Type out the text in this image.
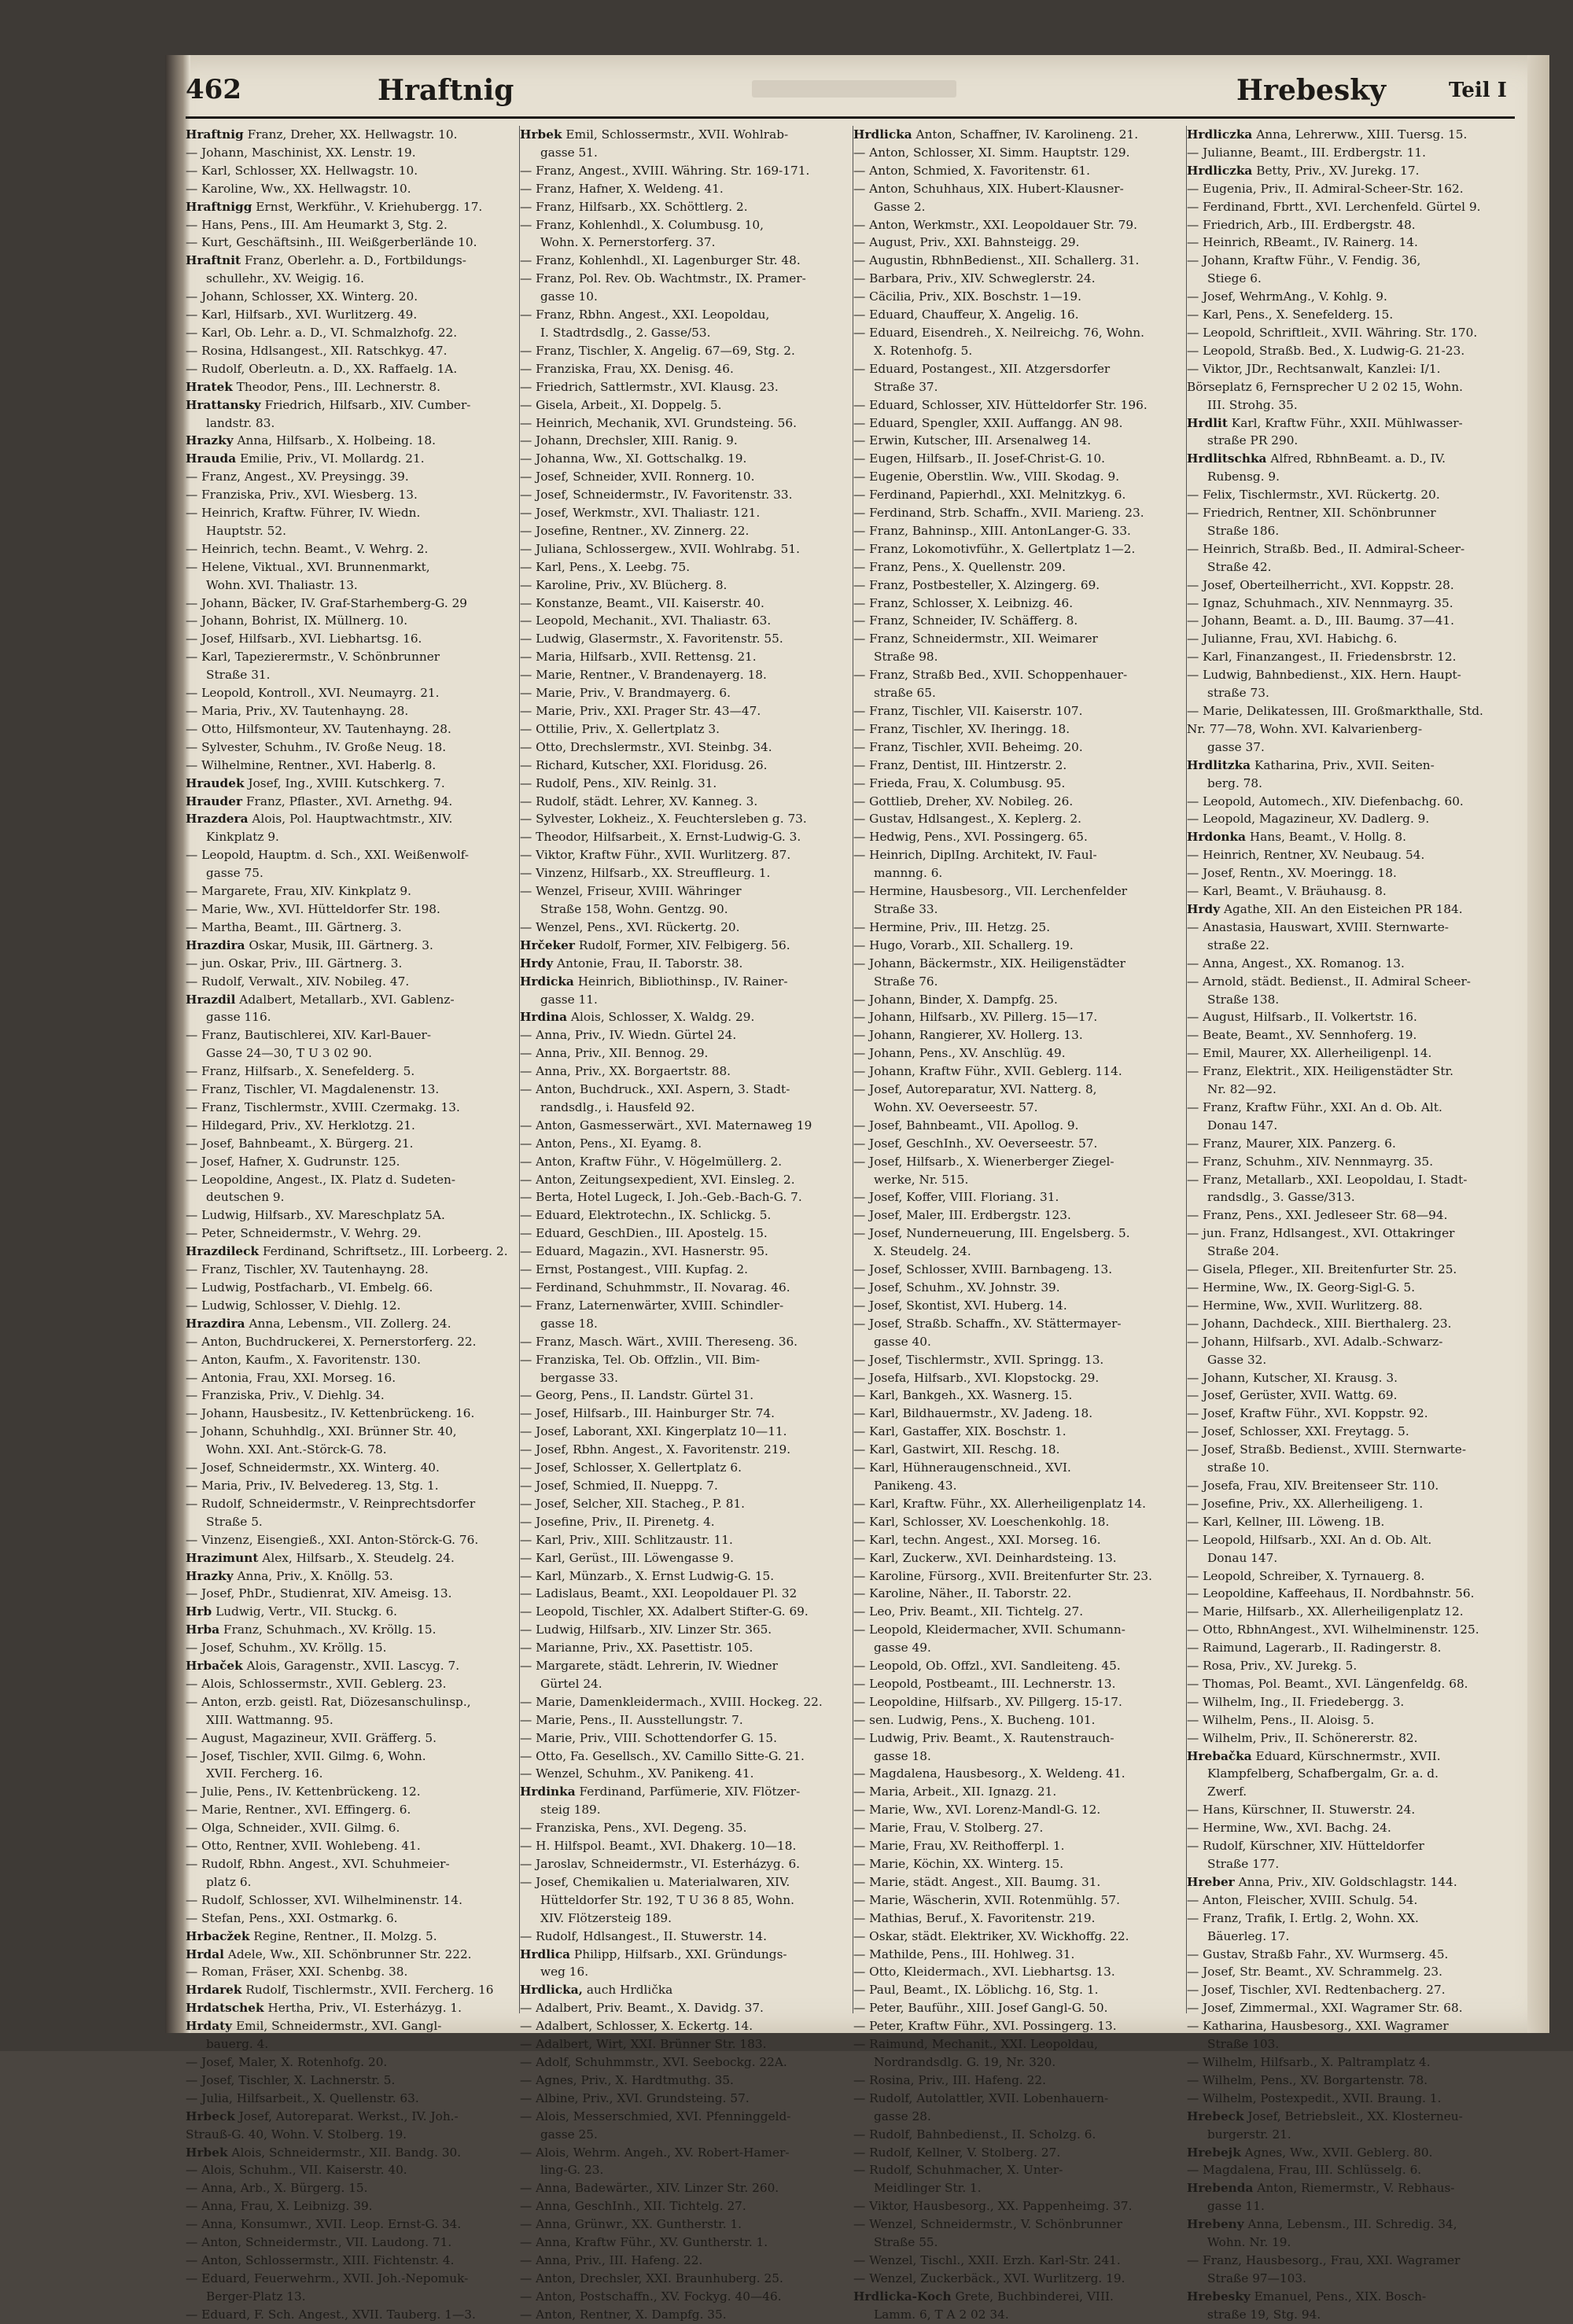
462	Hraftnig	Hrebesky	Teil I

Hraftnig Franz, Dreher, XX. Hellwagstr. 10.

— Johann, Maschinist, XX. Lenstr. 19.

— Karl, Schlosser, XX. Hellwagstr. 10.

— Karoline, Ww., XX. Hellwagstr. 10.

Hraftnigg Ernst, Werkführ., V. Kriehubergg. 17.

— Hans, Pens., III. Am Heumarkt 3, Stg. 2.

— Kurt, Geschäftsinh., III. Weißgerberlände 10.

Hraftnit Franz, Oberlehr. a. D., Fortbildungs-

schullehr., XV. Weigig. 16.

— Johann, Schlosser, XX. Winterg. 20.

— Karl, Hilfsarb., XVI. Wurlitzerg. 49.

— Karl, Ob. Lehr. a. D., VI. Schmalzhofg. 22.

— Rosina, Hdlsangest., XII. Ratschkyg. 47.

— Rudolf, Oberleutn. a. D., XX. Raffaelg. 1A.

Hratek Theodor, Pens., III. Lechnerstr. 8.

Hrattansky Friedrich, Hilfsarb., XIV. Cumber-

landstr. 83.

Hrazky Anna, Hilfsarb., X. Holbeing. 18.

Hrauda Emilie, Priv., VI. Mollardg. 21.

— Franz, Angest., XV. Preysingg. 39.

— Franziska, Priv., XVI. Wiesberg. 13.

— Heinrich, Kraftw. Führer, IV. Wiedn.

Hauptstr. 52.

— Heinrich, techn. Beamt., V. Wehrg. 2.

— Helene, Viktual., XVI. Brunnenmarkt,

Wohn. XVI. Thaliastr. 13.

— Johann, Bäcker, IV. Graf-Starhemberg-G. 29

— Johann, Bohrist, IX. Müllnerg. 10.

— Josef, Hilfsarb., XVI. Liebhartsg. 16.

— Karl, Tapezierermstr., V. Schönbrunner

Straße 31.

— Leopold, Kontroll., XVI. Neumayrg. 21.

— Maria, Priv., XV. Tautenhayng. 28.

— Otto, Hilfsmonteur, XV. Tautenhayng. 28.

— Sylvester, Schuhm., IV. Große Neug. 18.

— Wilhelmine, Rentner., XVI. Haberlg. 8.

Hraudek Josef, Ing., XVIII. Kutschkerg. 7.

Hrauder Franz, Pflaster., XVI. Arnethg. 94.

Hrazdera Alois, Pol. Hauptwachtmstr., XIV.

Kinkplatz 9.

— Leopold, Hauptm. d. Sch., XXI. Weißenwolf-

gasse 75.

— Margarete, Frau, XIV. Kinkplatz 9.

— Marie, Ww., XVI. Hütteldorfer Str. 198.

— Martha, Beamt., III. Gärtnerg. 3.

Hrazdira Oskar, Musik, III. Gärtnerg. 3.

— jun. Oskar, Priv., III. Gärtnerg. 3.

— Rudolf, Verwalt., XIV. Nobileg. 47.

Hrazdil Adalbert, Metallarb., XVI. Gablenz-

gasse 116.

— Franz, Bautischlerei, XIV. Karl-Bauer-

Gasse 24—30, T U 3 02 90.

— Franz, Hilfsarb., X. Senefelderg. 5.

— Franz, Tischler, VI. Magdalenenstr. 13.

— Franz, Tischlermstr., XVIII. Czermakg. 13.

— Hildegard, Priv., XV. Herklotzg. 21.

— Josef, Bahnbeamt., X. Bürgerg. 21.

— Josef, Hafner, X. Gudrunstr. 125.

— Leopoldine, Angest., IX. Platz d. Sudeten-

deutschen 9.

— Ludwig, Hilfsarb., XV. Mareschplatz 5A.

— Peter, Schneidermstr., V. Wehrg. 29.

Hrazdileck Ferdinand, Schriftsetz., III. Lorbeerg. 2.

— Franz, Tischler, XV. Tautenhayng. 28.

— Ludwig, Postfacharb., VI. Embelg. 66.

— Ludwig, Schlosser, V. Diehlg. 12.

Hrazdira Anna, Lebensm., VII. Zollerg. 24.

— Anton, Buchdruckerei, X. Pernerstorferg. 22.

— Anton, Kaufm., X. Favoritenstr. 130.

— Antonia, Frau, XXI. Morseg. 16.

— Franziska, Priv., V. Diehlg. 34.

— Johann, Hausbesitz., IV. Kettenbrückeng. 16.

— Johann, Schuhhdlg., XXI. Brünner Str. 40,

Wohn. XXI. Ant.-Störck-G. 78.

— Josef, Schneidermstr., XX. Winterg. 40.

— Maria, Priv., IV. Belvedereg. 13, Stg. 1.

— Rudolf, Schneidermstr., V. Reinprechtsdorfer

Straße 5.

— Vinzenz, Eisengieß., XXI. Anton-Störck-G. 76.

Hrazimunt Alex, Hilfsarb., X. Steudelg. 24.

Hrazky Anna, Priv., X. Knöllg. 53.

— Josef, PhDr., Studienrat, XIV. Ameisg. 13.

Hrb Ludwig, Vertr., VII. Stuckg. 6.

Hrba Franz, Schuhmach., XV. Kröllg. 15.

— Josef, Schuhm., XV. Kröllg. 15.

Hrbaček Alois, Garagenstr., XVII. Lascyg. 7.

— Alois, Schlossermstr., XVII. Geblerg. 23.

— Anton, erzb. geistl. Rat, Diözesanschulinsp.,

XIII. Wattmanng. 95.

— August, Magazineur, XVII. Gräfferg. 5.

— Josef, Tischler, XVII. Gilmg. 6, Wohn.

XVII. Fercherg. 16.

— Julie, Pens., IV. Kettenbrückeng. 12.

— Marie, Rentner., XVI. Effingerg. 6.

— Olga, Schneider., XVII. Gilmg. 6.

— Otto, Rentner, XVII. Wohlebeng. 41.

— Rudolf, Rbhn. Angest., XVI. Schuhmeier-

platz 6.

— Rudolf, Schlosser, XVI. Wilhelminenstr. 14.

— Stefan, Pens., XXI. Ostmarkg. 6.

Hrbacžek Regine, Rentner., II. Molzg. 5.

Hrdal Adele, Ww., XII. Schönbrunner Str. 222.

— Roman, Fräser, XXI. Schenbg. 38.

Hrdarek Rudolf, Tischlermstr., XVII. Fercherg. 16

Hrdatschek Hertha, Priv., VI. Esterházyg. 1.

Hrdaty Emil, Schneidermstr., XVI. Gangl-

bauerg. 4.

— Josef, Maler, X. Rotenhofg. 20.

— Josef, Tischler, X. Lachnerstr. 5.

— Julia, Hilfsarbeit., X. Quellenstr. 63.

Hrbeck Josef, Autoreparat. Werkst., IV. Joh.-

Strauß-G. 40, Wohn. V. Stolberg. 19.

Hrbek Alois, Schneidermstr., XII. Bandg. 30.

— Alois, Schuhm., VII. Kaiserstr. 40.

— Anna, Arb., X. Bürgerg. 15.

— Anna, Frau, X. Leibnizg. 39.

— Anna, Konsumwr., XVII. Leop. Ernst-G. 34.

— Anton, Schneidermstr., VII. Laudong. 71.

— Anton, Schlossermstr., XIII. Fichtenstr. 4.

— Eduard, Feuerwehrm., XVII. Joh.-Nepomuk-

Berger-Platz 13.

— Eduard, F. Sch. Angest., XVII. Tauberg. 1—3.

Hrbek Emil, Schlossermstr., XVII. Wohlrab-

gasse 51.

— Franz, Angest., XVIII. Währing. Str. 169-171.

— Franz, Hafner, X. Weldeng. 41.

— Franz, Hilfsarb., XX. Schöttlerg. 2.

— Franz, Kohlenhdl., X. Columbusg. 10,

Wohn. X. Pernerstorferg. 37.

— Franz, Kohlenhdl., XI. Lagenburger Str. 48.

— Franz, Pol. Rev. Ob. Wachtmstr., IX. Pramer-

gasse 10.

— Franz, Rbhn. Angest., XXI. Leopoldau,

I. Stadtrdsdlg., 2. Gasse/53.

— Franz, Tischler, X. Angelig. 67—69, Stg. 2.

— Franziska, Frau, XX. Denisg. 46.

— Friedrich, Sattlermstr., XVI. Klausg. 23.

— Gisela, Arbeit., XI. Doppelg. 5.

— Heinrich, Mechanik, XVI. Grundsteing. 56.

— Johann, Drechsler, XIII. Ranig. 9.

— Johanna, Ww., XI. Gottschalkg. 19.

— Josef, Schneider, XVII. Ronnerg. 10.

— Josef, Schneidermstr., IV. Favoritenstr. 33.

— Josef, Werkmstr., XVI. Thaliastr. 121.

— Josefine, Rentner., XV. Zinnerg. 22.

— Juliana, Schlossergew., XVII. Wohlrabg. 51.

— Karl, Pens., X. Leebg. 75.

— Karoline, Priv., XV. Blücherg. 8.

— Konstanze, Beamt., VII. Kaiserstr. 40.

— Leopold, Mechanit., XVI. Thaliastr. 63.

— Ludwig, Glasermstr., X. Favoritenstr. 55.

— Maria, Hilfsarb., XVII. Rettensg. 21.

— Marie, Rentner., V. Brandenayerg. 18.

— Marie, Priv., V. Brandmayerg. 6.

— Marie, Priv., XXI. Prager Str. 43—47.

— Ottilie, Priv., X. Gellertplatz 3.

— Otto, Drechslermstr., XVI. Steinbg. 34.

— Richard, Kutscher, XXI. Floridusg. 26.

— Rudolf, Pens., XIV. Reinlg. 31.

— Rudolf, städt. Lehrer, XV. Kanneg. 3.

— Sylvester, Lokheiz., X. Feuchtersleben g. 73.

— Theodor, Hilfsarbeit., X. Ernst-Ludwig-G. 3.

— Viktor, Kraftw Führ., XVII. Wurlitzerg. 87.

— Vinzenz, Hilfsarb., XX. Streuffleurg. 1.

— Wenzel, Friseur, XVIII. Währinger

Straße 158, Wohn. Gentzg. 90.

— Wenzel, Pens., XVI. Rückertg. 20.

Hrčeker Rudolf, Former, XIV. Felbigerg. 56.

Hrdy Antonie, Frau, II. Taborstr. 38.

Hrdicka Heinrich, Bibliothinsp., IV. Rainer-

gasse 11.

Hrdina Alois, Schlosser, X. Waldg. 29.

— Anna, Priv., IV. Wiedn. Gürtel 24.

— Anna, Priv., XII. Bennog. 29.

— Anna, Priv., XX. Borgaertstr. 88.

— Anton, Buchdruck., XXI. Aspern, 3. Stadt-

randsdlg., i. Hausfeld 92.

— Anton, Gasmesserwärt., XVI. Maternaweg 19

— Anton, Pens., XI. Eyamg. 8.

— Anton, Kraftw Führ., V. Högelmüllerg. 2.

— Anton, Zeitungsexpedient, XVI. Einsleg. 2.

— Berta, Hotel Lugeck, I. Joh.-Geb.-Bach-G. 7.

— Eduard, Elektrotechn., IX. Schlickg. 5.

— Eduard, GeschDien., III. Apostelg. 15.

— Eduard, Magazin., XVI. Hasnerstr. 95.

— Ernst, Postangest., VIII. Kupfag. 2.

— Ferdinand, Schuhmmstr., II. Novarag. 46.

— Franz, Laternenwärter, XVIII. Schindler-

gasse 18.

— Franz, Masch. Wärt., XVIII. Thereseng. 36.

— Franziska, Tel. Ob. Offzlin., VII. Bim-

bergasse 33.

— Georg, Pens., II. Landstr. Gürtel 31.

— Josef, Hilfsarb., III. Hainburger Str. 74.

— Josef, Laborant, XXI. Kingerplatz 10—11.

— Josef, Rbhn. Angest., X. Favoritenstr. 219.

— Josef, Schlosser, X. Gellertplatz 6.

— Josef, Schmied, II. Nueppg. 7.

— Josef, Selcher, XII. Stacheg., P. 81.

— Josefine, Priv., II. Pirenetg. 4.

— Karl, Priv., XIII. Schlitzaustr. 11.

— Karl, Gerüst., III. Löwengasse 9.

— Karl, Münzarb., X. Ernst Ludwig-G. 15.

— Ladislaus, Beamt., XXI. Leopoldauer Pl. 32

— Leopold, Tischler, XX. Adalbert Stifter-G. 69.

— Ludwig, Hilfsarb., XIV. Linzer Str. 365.

— Marianne, Priv., XX. Pasettistr. 105.

— Margarete, städt. Lehrerin, IV. Wiedner

Gürtel 24.

— Marie, Damenkleidermach., XVIII. Hockeg. 22.

— Marie, Pens., II. Ausstellungstr. 7.

— Marie, Priv., VIII. Schottendorfer G. 15.

— Otto, Fa. Gesellsch., XV. Camillo Sitte-G. 21.

— Wenzel, Schuhm., XV. Panikeng. 41.

Hrdinka Ferdinand, Parfümerie, XIV. Flötzer-

steig 189.

— Franziska, Pens., XVI. Degeng. 35.

— H. Hilfspol. Beamt., XVI. Dhakerg. 10—18.

— Jaroslav, Schneidermstr., VI. Esterházyg. 6.

— Josef, Chemikalien u. Materialwaren, XIV.

Hütteldorfer Str. 192, T U 36 8 85, Wohn.

XIV. Flötzersteig 189.

— Rudolf, Hdlsangest., II. Stuwerstr. 14.

Hrdlica Philipp, Hilfsarb., XXI. Gründungs-

weg 16.

Hrdlicka, auch Hrdlička

— Adalbert, Priv. Beamt., X. Davidg. 37.

— Adalbert, Schlosser, X. Eckertg. 14.

— Adalbert, Wirt, XXI. Brünner Str. 183.

— Adolf, Schuhmmstr., XVI. Seebockg. 22A.

— Agnes, Priv., X. Hardtmuthg. 35.

— Albine, Priv., XVI. Grundsteing. 57.

— Alois, Messerschmied, XVI. Pfenninggeld-

gasse 25.

— Alois, Wehrm. Angeh., XV. Robert-Hamer-

ling-G. 23.

— Anna, Badewärter., XIV. Linzer Str. 260.

— Anna, GeschInh., XII. Tichtelg. 27.

— Anna, Grünwr., XX. Guntherstr. 1.

— Anna, Kraftw Führ., XV. Guntherstr. 1.

— Anna, Priv., III. Hafeng. 22.

— Anton, Drechsler, XXI. Braunhuberg. 25.

— Anton, Postschaffn., XV. Fockyg. 40—46.

— Anton, Rentner, X. Dampfg. 35.

Hrdlicka Anton, Schaffner, IV. Karolineng. 21.

— Anton, Schlosser, XI. Simm. Hauptstr. 129.

— Anton, Schmied, X. Favoritenstr. 61.

— Anton, Schuhhaus, XIX. Hubert-Klausner-

Gasse 2.

— Anton, Werkmstr., XXI. Leopoldauer Str. 79.

— August, Priv., XXI. Bahnsteigg. 29.

— Augustin, RbhnBedienst., XII. Schallerg. 31.

— Barbara, Priv., XIV. Schweglerstr. 24.

— Cäcilia, Priv., XIX. Boschstr. 1—19.

— Eduard, Chauffeur, X. Angelig. 16.

— Eduard, Eisendreh., X. Neilreichg. 76, Wohn.

X. Rotenhofg. 5.

— Eduard, Postangest., XII. Atzgersdorfer

Straße 37.

— Eduard, Schlosser, XIV. Hütteldorfer Str. 196.

— Eduard, Spengler, XXII. Auffangg. AN 98.

— Erwin, Kutscher, III. Arsenalweg 14.

— Eugen, Hilfsarb., II. Josef-Christ-G. 10.

— Eugenie, Oberstlin. Ww., VIII. Skodag. 9.

— Ferdinand, Papierhdl., XXI. Melnitzkyg. 6.

— Ferdinand, Strb. Schaffn., XVII. Marieng. 23.

— Franz, Bahninsp., XIII. AntonLanger-G. 33.

— Franz, Lokomotivführ., X. Gellertplatz 1—2.

— Franz, Pens., X. Quellenstr. 209.

— Franz, Postbesteller, X. Alzingerg. 69.

— Franz, Schlosser, X. Leibnizg. 46.

— Franz, Schneider, IV. Schäfferg. 8.

— Franz, Schneidermstr., XII. Weimarer

Straße 98.

— Franz, Straßb Bed., XVII. Schoppenhauer-

straße 65.

— Franz, Tischler, VII. Kaiserstr. 107.

— Franz, Tischler, XV. Iheringg. 18.

— Franz, Tischler, XVII. Beheimg. 20.

— Franz, Dentist, III. Hintzerstr. 2.

— Frieda, Frau, X. Columbusg. 95.

— Gottlieb, Dreher, XV. Nobileg. 26.

— Gustav, Hdlsangest., X. Keplerg. 2.

— Hedwig, Pens., XVI. Possingerg. 65.

— Heinrich, DiplIng. Architekt, IV. Faul-

mannng. 6.

— Hermine, Hausbesorg., VII. Lerchenfelder

Straße 33.

— Hermine, Priv., III. Hetzg. 25.

— Hugo, Vorarb., XII. Schallerg. 19.

— Johann, Bäckermstr., XIX. Heiligenstädter

Straße 76.

— Johann, Binder, X. Dampfg. 25.

— Johann, Hilfsarb., XV. Pillerg. 15—17.

— Johann, Rangierer, XV. Hollerg. 13.

— Johann, Pens., XV. Anschlüg. 49.

— Johann, Kraftw Führ., XVII. Geblerg. 114.

— Josef, Autoreparatur, XVI. Natterg. 8,

Wohn. XV. Oeverseestr. 57.

— Josef, Bahnbeamt., VII. Apollog. 9.

— Josef, GeschInh., XV. Oeverseestr. 57.

— Josef, Hilfsarb., X. Wienerberger Ziegel-

werke, Nr. 515.

— Josef, Koffer, VIII. Floriang. 31.

— Josef, Maler, III. Erdbergstr. 123.

— Josef, Nunderneuerung, III. Engelsberg. 5.

X. Steudelg. 24.

— Josef, Schlosser, XVIII. Barnbageng. 13.

— Josef, Schuhm., XV. Johnstr. 39.

— Josef, Skontist, XVI. Huberg. 14.

— Josef, Straßb. Schaffn., XV. Stättermayer-

gasse 40.

— Josef, Tischlermstr., XVII. Springg. 13.

— Josefa, Hilfsarb., XVI. Klopstockg. 29.

— Karl, Bankgeh., XX. Wasnerg. 15.

— Karl, Bildhauermstr., XV. Jadeng. 18.

— Karl, Gastaffer, XIX. Boschstr. 1.

— Karl, Gastwirt, XII. Reschg. 18.

— Karl, Hühneraugenschneid., XVI.

Panikeng. 43.

— Karl, Kraftw. Führ., XX. Allerheiligenplatz 14.

— Karl, Schlosser, XV. Loeschenkohlg. 18.

— Karl, techn. Angest., XXI. Morseg. 16.

— Karl, Zuckerw., XVI. Deinhardsteing. 13.

— Karoline, Fürsorg., XVII. Breitenfurter Str. 23.

— Karoline, Näher., II. Taborstr. 22.

— Leo, Priv. Beamt., XII. Tichtelg. 27.

— Leopold, Kleidermacher, XVII. Schumann-

gasse 49.

— Leopold, Ob. Offzl., XVI. Sandleiteng. 45.

— Leopold, Postbeamt., III. Lechnerstr. 13.

— Leopoldine, Hilfsarb., XV. Pillgerg. 15-17.

— sen. Ludwig, Pens., X. Bucheng. 101.

— Ludwig, Priv. Beamt., X. Rautenstrauch-

gasse 18.

— Magdalena, Hausbesorg., X. Weldeng. 41.

— Maria, Arbeit., XII. Ignazg. 21.

— Marie, Ww., XVI. Lorenz-Mandl-G. 12.

— Marie, Frau, V. Stolberg. 27.

— Marie, Frau, XV. Reithofferpl. 1.

— Marie, Köchin, XX. Winterg. 15.

— Marie, städt. Angest., XII. Baumg. 31.

— Marie, Wäscherin, XVII. Rotenmühlg. 57.

— Mathias, Beruf., X. Favoritenstr. 219.

— Oskar, städt. Elektriker, XV. Wickhoffg. 22.

— Mathilde, Pens., III. Hohlweg. 31.

— Otto, Kleidermach., XVI. Liebhartsg. 13.

— Paul, Beamt., IX. Löblichg. 16, Stg. 1.

— Peter, Bauführ., XIII. Josef Gangl-G. 50.

— Peter, Kraftw Führ., XVI. Possingerg. 13.

— Raimund, Mechanit., XXI. Leopoldau,

Nordrandsdlg. G. 19, Nr. 320.

— Rosina, Priv., III. Hafeng. 22.

— Rudolf, Autolattler, XVII. Lobenhauern-

gasse 28.

— Rudolf, Bahnbedienst., II. Scholzg. 6.

— Rudolf, Kellner, V. Stolberg. 27.

— Rudolf, Schuhmacher, X. Unter-

Meidlinger Str. 1.

— Viktor, Hausbesorg., XX. Pappenheimg. 37.

— Wenzel, Schneidermstr., V. Schönbrunner

Straße 55.

— Wenzel, Tischl., XXII. Erzh. Karl-Str. 241.

— Wenzel, Zuckerbäck., XVI. Wurlitzerg. 19.

Hrdlicka-Koch Grete, Buchbinderei, VIII.

Lamm. 6, T A 2 02 34.

Hrdliczka Anna, Lehrerww., XIII. Tuersg. 15.

— Julianne, Beamt., III. Erdbergstr. 11.

Hrdliczka Betty, Priv., XV. Jurekg. 17.

— Eugenia, Priv., II. Admiral-Scheer-Str. 162.

— Ferdinand, Fbrtt., XVI. Lerchenfeld. Gürtel 9.

— Friedrich, Arb., III. Erdbergstr. 48.

— Heinrich, RBeamt., IV. Rainerg. 14.

— Johann, Kraftw Führ., V. Fendig. 36,

Stiege 6.

— Josef, WehrmAng., V. Kohlg. 9.

— Karl, Pens., X. Senefelderg. 15.

— Leopold, Schriftleit., XVII. Währing. Str. 170.

— Leopold, Straßb. Bed., X. Ludwig-G. 21-23.

— Viktor, JDr., Rechtsanwalt, Kanzlei: I/1.

Börseplatz 6, Fernsprecher U 2 02 15, Wohn.

III. Strohg. 35.

Hrdlit Karl, Kraftw Führ., XXII. Mühlwasser-

straße PR 290.

Hrdlitschka Alfred, RbhnBeamt. a. D., IV.

Rubensg. 9.

— Felix, Tischlermstr., XVI. Rückertg. 20.

— Friedrich, Rentner, XII. Schönbrunner

Straße 186.

— Heinrich, Straßb. Bed., II. Admiral-Scheer-

Straße 42.

— Josef, Oberteilherricht., XVI. Koppstr. 28.

— Ignaz, Schuhmach., XIV. Nennmayrg. 35.

— Johann, Beamt. a. D., III. Baumg. 37—41.

— Julianne, Frau, XVI. Habichg. 6.

— Karl, Finanzangest., II. Friedensbrstr. 12.

— Ludwig, Bahnbedienst., XIX. Hern. Haupt-

straße 73.

— Marie, Delikatessen, III. Großmarkthalle, Std.

Nr. 77—78, Wohn. XVI. Kalvarienberg-

gasse 37.

Hrdlitzka Katharina, Priv., XVII. Seiten-

berg. 78.

— Leopold, Automech., XIV. Diefenbachg. 60.

— Leopold, Magazineur, XV. Dadlerg. 9.

Hrdonka Hans, Beamt., V. Hollg. 8.

— Heinrich, Rentner, XV. Neubaug. 54.

— Josef, Rentn., XV. Moeringg. 18.

— Karl, Beamt., V. Bräuhausg. 8.

Hrdy Agathe, XII. An den Eisteichen PR 184.

— Anastasia, Hauswart, XVIII. Sternwarte-

straße 22.

— Anna, Angest., XX. Romanog. 13.

— Arnold, städt. Bedienst., II. Admiral Scheer-

Straße 138.

— August, Hilfsarb., II. Volkertstr. 16.

— Beate, Beamt., XV. Sennhoferg. 19.

— Emil, Maurer, XX. Allerheiligenpl. 14.

— Franz, Elektrit., XIX. Heiligenstädter Str.

Nr. 82—92.

— Franz, Kraftw Führ., XXI. An d. Ob. Alt.

Donau 147.

— Franz, Maurer, XIX. Panzerg. 6.

— Franz, Schuhm., XIV. Nennmayrg. 35.

— Franz, Metallarb., XXI. Leopoldau, I. Stadt-

randsdlg., 3. Gasse/313.

— Franz, Pens., XXI. Jedleseer Str. 68—94.

— jun. Franz, Hdlsangest., XVI. Ottakringer

Straße 204.

— Gisela, Pfleger., XII. Breitenfurter Str. 25.

— Hermine, Ww., IX. Georg-Sigl-G. 5.

— Hermine, Ww., XVII. Wurlitzerg. 88.

— Johann, Dachdeck., XIII. Bierthalerg. 23.

— Johann, Hilfsarb., XVI. Adalb.-Schwarz-

Gasse 32.

— Johann, Kutscher, XI. Krausg. 3.

— Josef, Gerüster, XVII. Wattg. 69.

— Josef, Kraftw Führ., XVI. Koppstr. 92.

— Josef, Schlosser, XXI. Freytagg. 5.

— Josef, Straßb. Bedienst., XVIII. Sternwarte-

straße 10.

— Josefa, Frau, XIV. Breitenseer Str. 110.

— Josefine, Priv., XX. Allerheiligeng. 1.

— Karl, Kellner, III. Löweng. 1B.

— Leopold, Hilfsarb., XXI. An d. Ob. Alt.

Donau 147.

— Leopold, Schreiber, X. Tyrnauerg. 8.

— Leopoldine, Kaffeehaus, II. Nordbahnstr. 56.

— Marie, Hilfsarb., XX. Allerheiligenplatz 12.

— Otto, RbhnAngest., XVI. Wilhelminenstr. 125.

— Raimund, Lagerarb., II. Radingerstr. 8.

— Rosa, Priv., XV. Jurekg. 5.

— Thomas, Pol. Beamt., XVI. Längenfeldg. 68.

— Wilhelm, Ing., II. Friedebergg. 3.

— Wilhelm, Pens., II. Aloisg. 5.

— Wilhelm, Priv., II. Schönererstr. 82.

Hrebačka Eduard, Kürschnermstr., XVII.

Klampfelberg, Schafbergalm, Gr. a. d.

Zwerf.

— Hans, Kürschner, II. Stuwerstr. 24.

— Hermine, Ww., XVI. Bachg. 24.

— Rudolf, Kürschner, XIV. Hütteldorfer

Straße 177.

Hreber Anna, Priv., XIV. Goldschlagstr. 144.

— Anton, Fleischer, XVIII. Schulg. 54.

— Franz, Trafik, I. Ertlg. 2, Wohn. XX.

Bäuerleg. 17.

— Gustav, Straßb Fahr., XV. Wurmserg. 45.

— Josef, Str. Beamt., XV. Schrammelg. 23.

— Josef, Tischler, XVI. Redtenbacherg. 27.

— Josef, Zimmermal., XXI. Wagramer Str. 68.

— Katharina, Hausbesorg., XXI. Wagramer

Straße 103.

— Wilhelm, Hilfsarb., X. Paltramplatz 4.

— Wilhelm, Pens., XV. Borgartenstr. 78.

— Wilhelm, Postexpedit., XVII. Braung. 1.

Hrebeck Josef, Betriebsleit., XX. Klosterneu-

burgerstr. 21.

Hrebejk Agnes, Ww., XVII. Geblerg. 80.

— Magdalena, Frau, III. Schlüsselg. 6.

Hrebenda Anton, Riemermstr., V. Rebhaus-

gasse 11.

Hrebeny Anna, Lebensm., III. Schredig. 34,

Wohn. Nr. 19.

— Franz, Hausbesorg., Frau, XXI. Wagramer

Straße 97—103.

Hrebesky Emanuel, Pens., XIX. Bosch-

straße 19, Stg. 94.
